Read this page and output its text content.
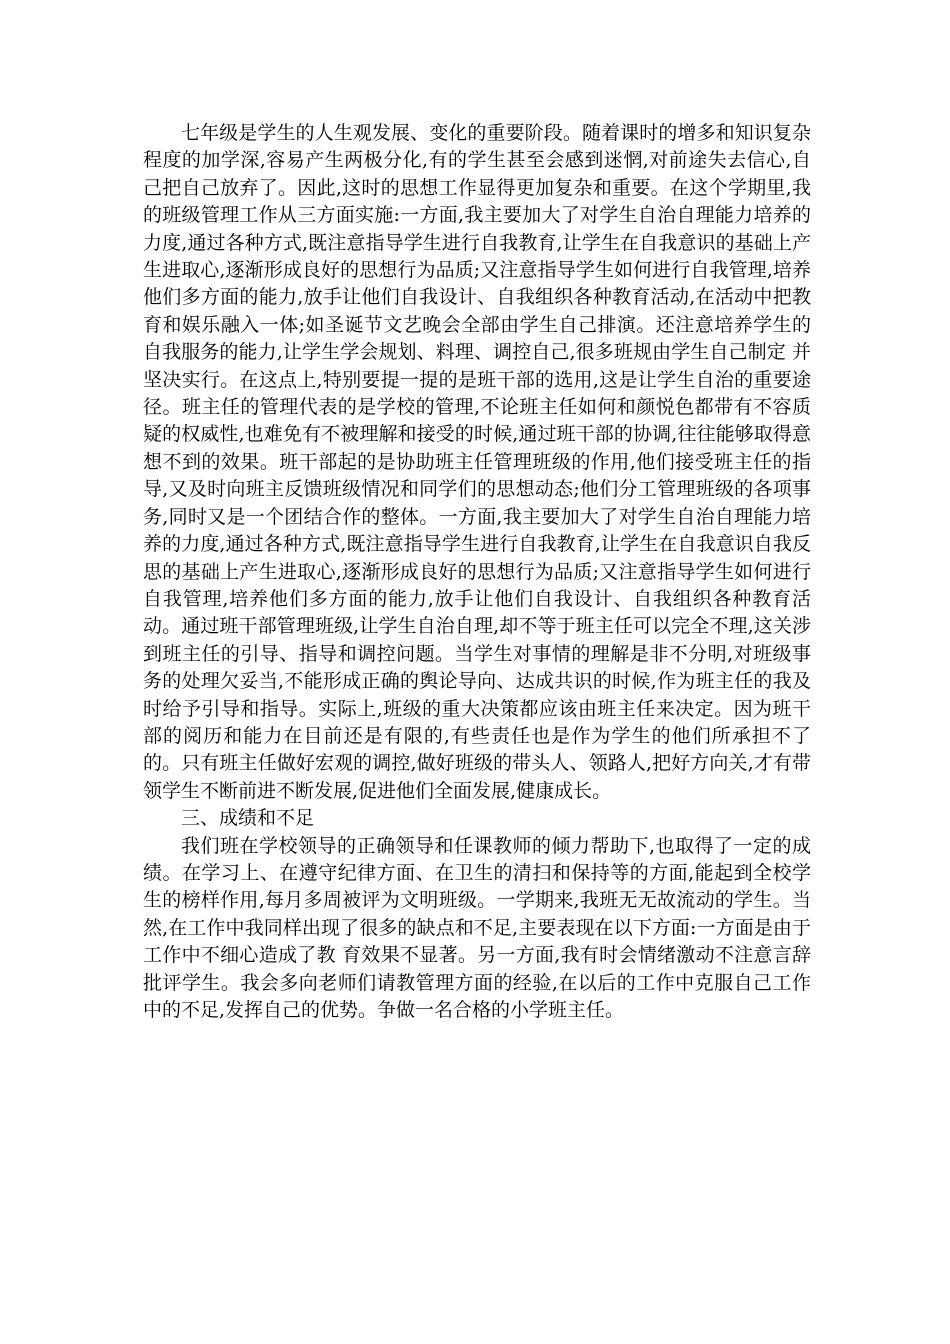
七年级是学生的人生观发展、变化的重要阶段。随着课时的增多和知识复杂程度的加学深,容易产生两极分化,有的学生甚至会感到迷惘,对前途失去信心,自己把自己放弃了。因此,这时的思想工作显得更加复杂和重要。在这个学期里,我的班级管理工作从三方面实施:一方面,我主要加大了对学生自治自理能力培养的力度,通过各种方式,既注意指导学生进行自我教育,让学生在自我意识的基础上产生进取心,逐渐形成良好的思想行为品质;又注意指导学生如何进行自我管理,培养他们多方面的能力,放手让他们自我设计、自我组织各种教育活动,在活动中把教育和娱乐融入一体;如圣诞节文艺晚会全部由学生自己排演。还注意培养学生的自我服务的能力,让学生学会规划、料理、调控自己,很多班规由学生自己制定 并坚决实行。在这点上,特别要提一提的是班干部的选用,这是让学生自治的重要途径。班主任的管理代表的是学校的管理,不论班主任如何和颜悦色都带有不容质疑的权威性,也难免有不被理解和接受的时候,通过班干部的协调,往往能够取得意想不到的效果。班干部起的是协助班主任管理班级的作用,他们接受班主任的指导,又及时向班主反馈班级情况和同学们的思想动态;他们分工管理班级的各项事务,同时又是一个团结合作的整体。一方面,我主要加大了对学生自治自理能力培养的力度,通过各种方式,既注意指导学生进行自我教育,让学生在自我意识自我反思的基础上产生进取心,逐渐形成良好的思想行为品质;又注意指导学生如何进行自我管理,培养他们多方面的能力,放手让他们自我设计、自我组织各种教育活动。通过班干部管理班级,让学生自治自理,却不等于班主任可以完全不理,这关涉到班主任的引导、指导和调控问题。当学生对事情的理解是非不分明,对班级事务的处理欠妥当,不能形成正确的舆论导向、达成共识的时候,作为班主任的我及时给予引导和指导。实际上,班级的重大决策都应该由班主任来决定。因为班干部的阅历和能力在目前还是有限的,有些责任也是作为学生的他们所承担不了的。只有班主任做好宏观的调控,做好班级的带头人、领路人,把好方向关,才有带领学生不断前进不断发展,促进他们全面发展,健康成长。

三、成绩和不足

我们班在学校领导的正确领导和任课教师的倾力帮助下,也取得了一定的成绩。在学习上、在遵守纪律方面、在卫生的清扫和保持等的方面,能起到全校学生的榜样作用,每月多周被评为文明班级。一学期来,我班无无故流动的学生。当然,在工作中我同样出现了很多的缺点和不足,主要表现在以下方面:一方面是由于工作中不细心造成了教 育效果不显著。另一方面,我有时会情绪激动不注意言辞批评学生。我会多向老师们请教管理方面的经验,在以后的工作中克服自己工作中的不足,发挥自己的优势。争做一名合格的小学班主任。
